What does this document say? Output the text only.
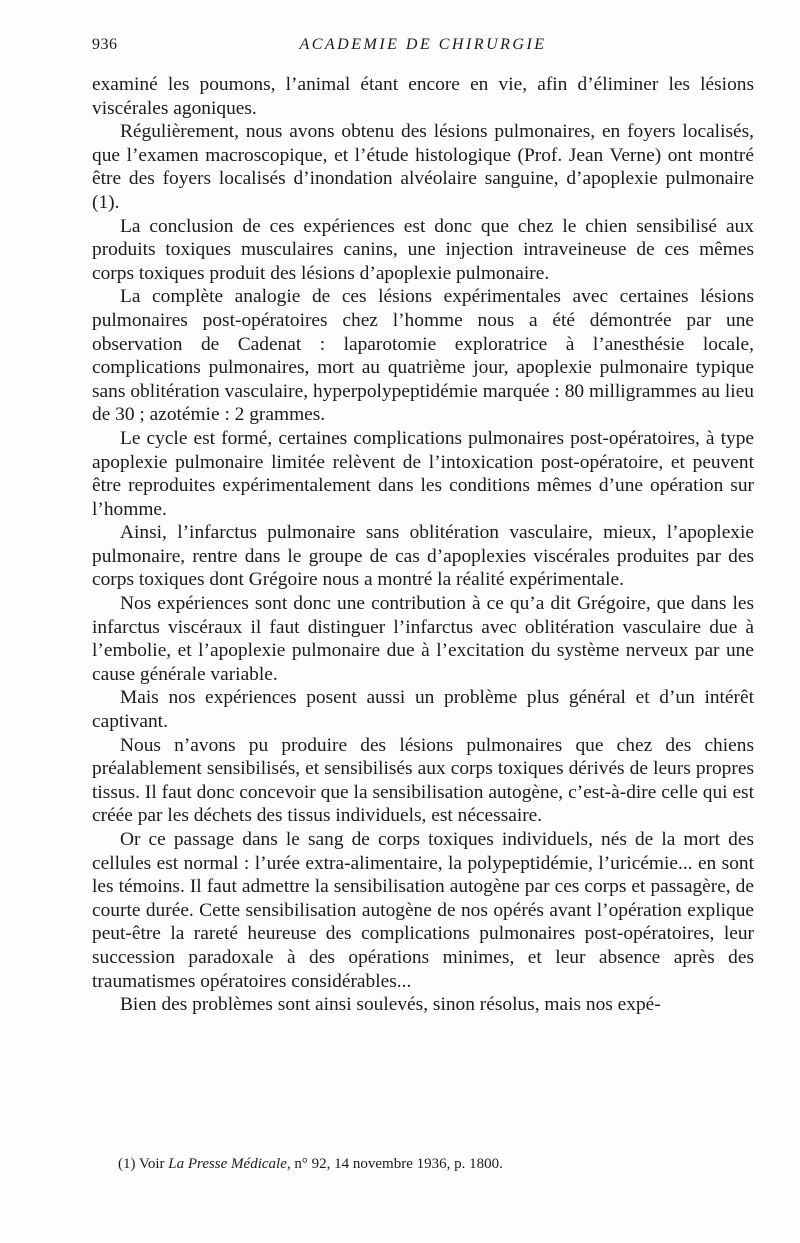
936	ACADEMIE DE CHIRURGIE

examiné les poumons, l’animal étant encore en vie, afin d’éliminer les lésions viscérales agoniques.

Régulièrement, nous avons obtenu des lésions pulmonaires, en foyers localisés, que l’examen macroscopique, et l’étude histologique (Prof. Jean Verne) ont montré être des foyers localisés d’inondation alvéolaire sanguine, d’apoplexie pulmonaire (1).

La conclusion de ces expériences est donc que chez le chien sensibilisé aux produits toxiques musculaires canins, une injection intraveineuse de ces mêmes corps toxiques produit des lésions d’apoplexie pulmonaire.

La complète analogie de ces lésions expérimentales avec certaines lésions pulmonaires post-opératoires chez l’homme nous a été démontrée par une observation de Cadenat : laparotomie exploratrice à l’anesthésie locale, complications pulmonaires, mort au quatrième jour, apoplexie pulmonaire typique sans oblitération vasculaire, hyperpolypeptidémie marquée : 80 milligrammes au lieu de 30 ; azotémie : 2 grammes.

Le cycle est formé, certaines complications pulmonaires post-opératoires, à type apoplexie pulmonaire limitée relèvent de l’intoxication post-opératoire, et peuvent être reproduites expérimentalement dans les conditions mêmes d’une opération sur l’homme.

Ainsi, l’infarctus pulmonaire sans oblitération vasculaire, mieux, l’apoplexie pulmonaire, rentre dans le groupe de cas d’apoplexies viscérales produites par des corps toxiques dont Grégoire nous a montré la réalité expérimentale.

Nos expériences sont donc une contribution à ce qu’a dit Grégoire, que dans les infarctus viscéraux il faut distinguer l’infarctus avec oblitération vasculaire due à l’embolie, et l’apoplexie pulmonaire due à l’excitation du système nerveux par une cause générale variable.

Mais nos expériences posent aussi un problème plus général et d’un intérêt captivant.

Nous n’avons pu produire des lésions pulmonaires que chez des chiens préalablement sensibilisés, et sensibilisés aux corps toxiques dérivés de leurs propres tissus. Il faut donc concevoir que la sensibilisation autogène, c’est-à-dire celle qui est créée par les déchets des tissus individuels, est nécessaire.

Or ce passage dans le sang de corps toxiques individuels, nés de la mort des cellules est normal : l’urée extra-alimentaire, la polypeptidémie, l’uricémie... en sont les témoins. Il faut admettre la sensibilisation autogène par ces corps et passagère, de courte durée. Cette sensibilisation autogène de nos opérés avant l’opération explique peut-être la rareté heureuse des complications pulmonaires post-opératoires, leur succession paradoxale à des opérations minimes, et leur absence après des traumatismes opératoires considérables...

Bien des problèmes sont ainsi soulevés, sinon résolus, mais nos expé-

(1) Voir La Presse Médicale, n° 92, 14 novembre 1936, p. 1800.
